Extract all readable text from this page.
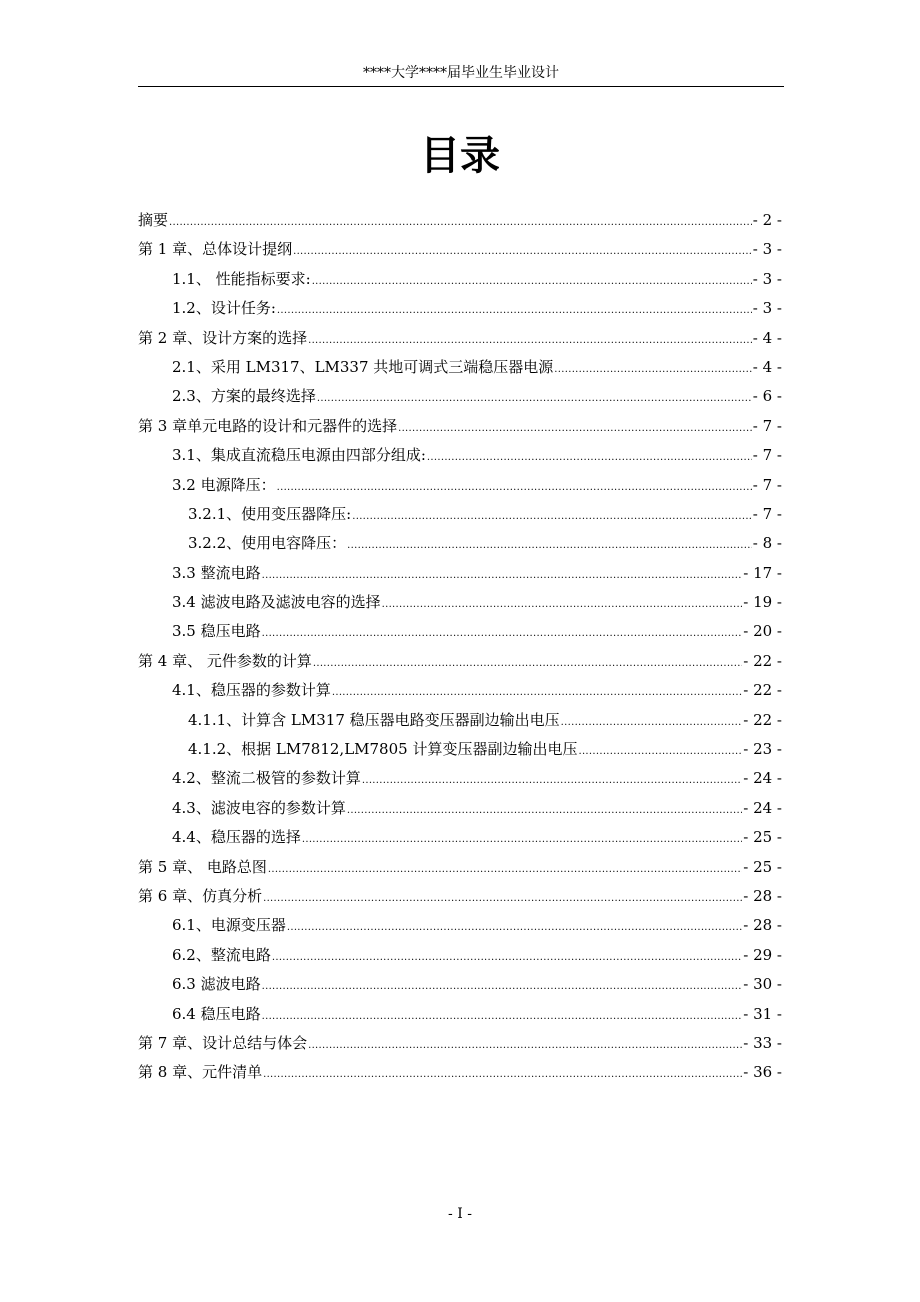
****大学****届毕业生毕业设计
目录
摘要 .....	- 2 -
第 1 章、总体设计提纲 .....	- 3 -
1.1、 性能指标要求: .....	- 3 -
1.2、设计任务: .....	- 3 -
第 2 章、设计方案的选择 .....	- 4 -
2.1、采用 LM317、LM337 共地可调式三端稳压器电源 .....	- 4 -
2.3、方案的最终选择 .....	- 6 -
第 3 章单元电路的设计和元器件的选择 .....	- 7 -
3.1、集成直流稳压电源由四部分组成: .....	- 7 -
3.2 电源降压： .....	- 7 -
3.2.1、使用变压器降压: .....	- 7 -
3.2.2、使用电容降压： .....	- 8 -
3.3 整流电路 .....	- 17 -
3.4 滤波电路及滤波电容的选择 .....	- 19 -
3.5 稳压电路 .....	- 20 -
第 4 章、 元件参数的计算 .....	- 22 -
4.1、稳压器的参数计算 .....	- 22 -
4.1.1、计算含 LM317 稳压器电路变压器副边输出电压 .....	- 22 -
4.1.2、根据 LM7812,LM7805 计算变压器副边输出电压 .....	- 23 -
4.2、整流二极管的参数计算 .....	- 24 -
4.3、滤波电容的参数计算 .....	- 24 -
4.4、稳压器的选择 .....	- 25 -
第 5 章、 电路总图 .....	- 25 -
第 6 章、仿真分析 .....	- 28 -
6.1、电源变压器 .....	- 28 -
6.2、整流电路 .....	- 29 -
6.3 滤波电路 .....	- 30 -
6.4 稳压电路 .....	- 31 -
第 7 章、设计总结与体会 .....	- 33 -
第 8 章、元件清单 .....	- 36 -
- I -
